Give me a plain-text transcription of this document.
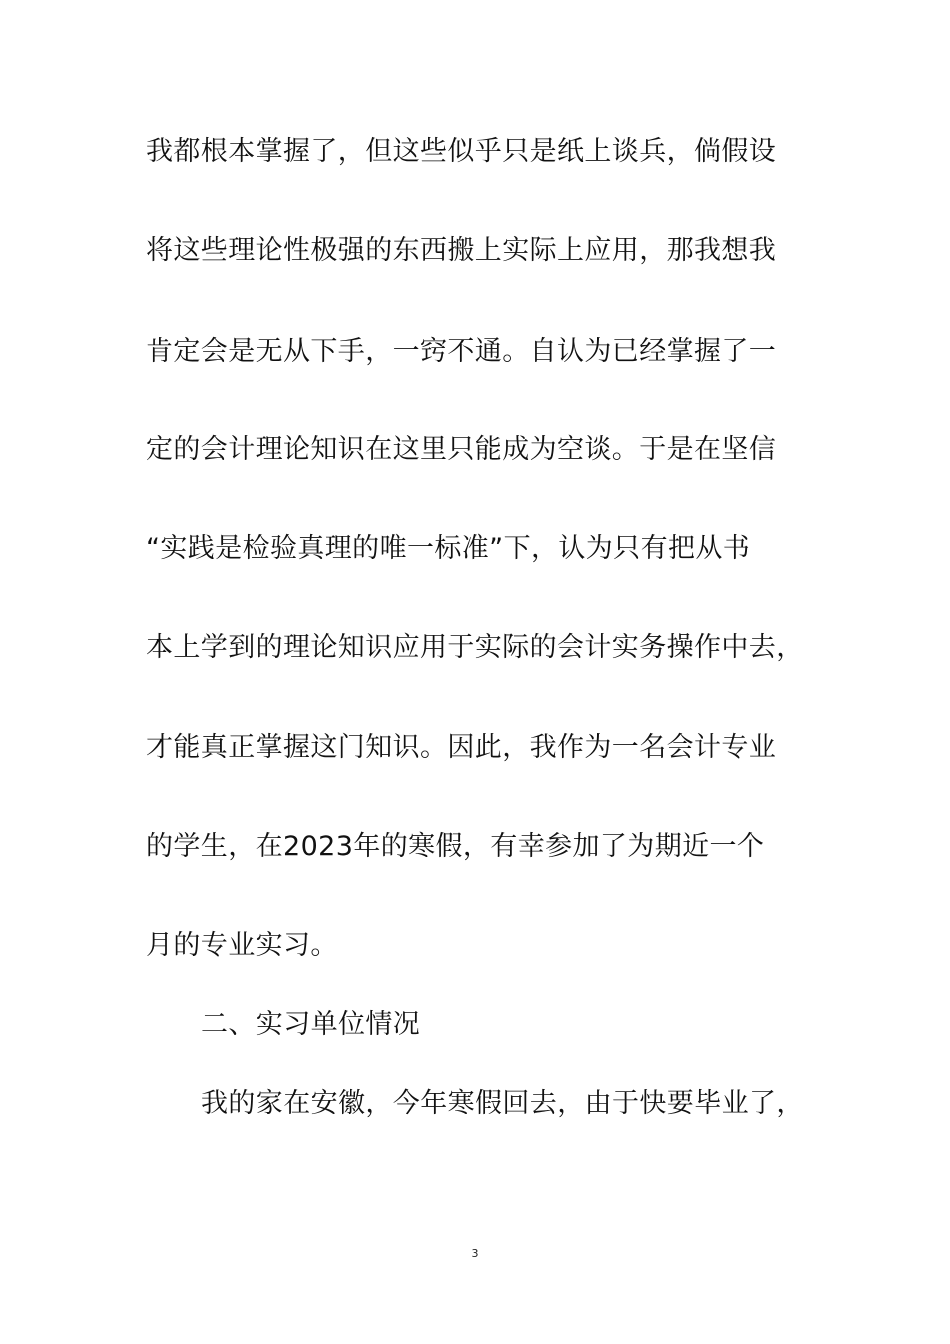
我都根本掌握了，但这些似乎只是纸上谈兵，倘假设
将这些理论性极强的东西搬上实际上应用，那我想我
肯定会是无从下手，一窍不通。自认为已经掌握了一
定的会计理论知识在这里只能成为空谈。于是在坚信
“实践是检验真理的唯一标准”下，认为只有把从书
本上学到的理论知识应用于实际的会计实务操作中去，
才能真正掌握这门知识。因此，我作为一名会计专业
的学生，在2023年的寒假，有幸参加了为期近一个
月的专业实习。
二、实习单位情况
我的家在安徽，今年寒假回去，由于快要毕业了，
3
